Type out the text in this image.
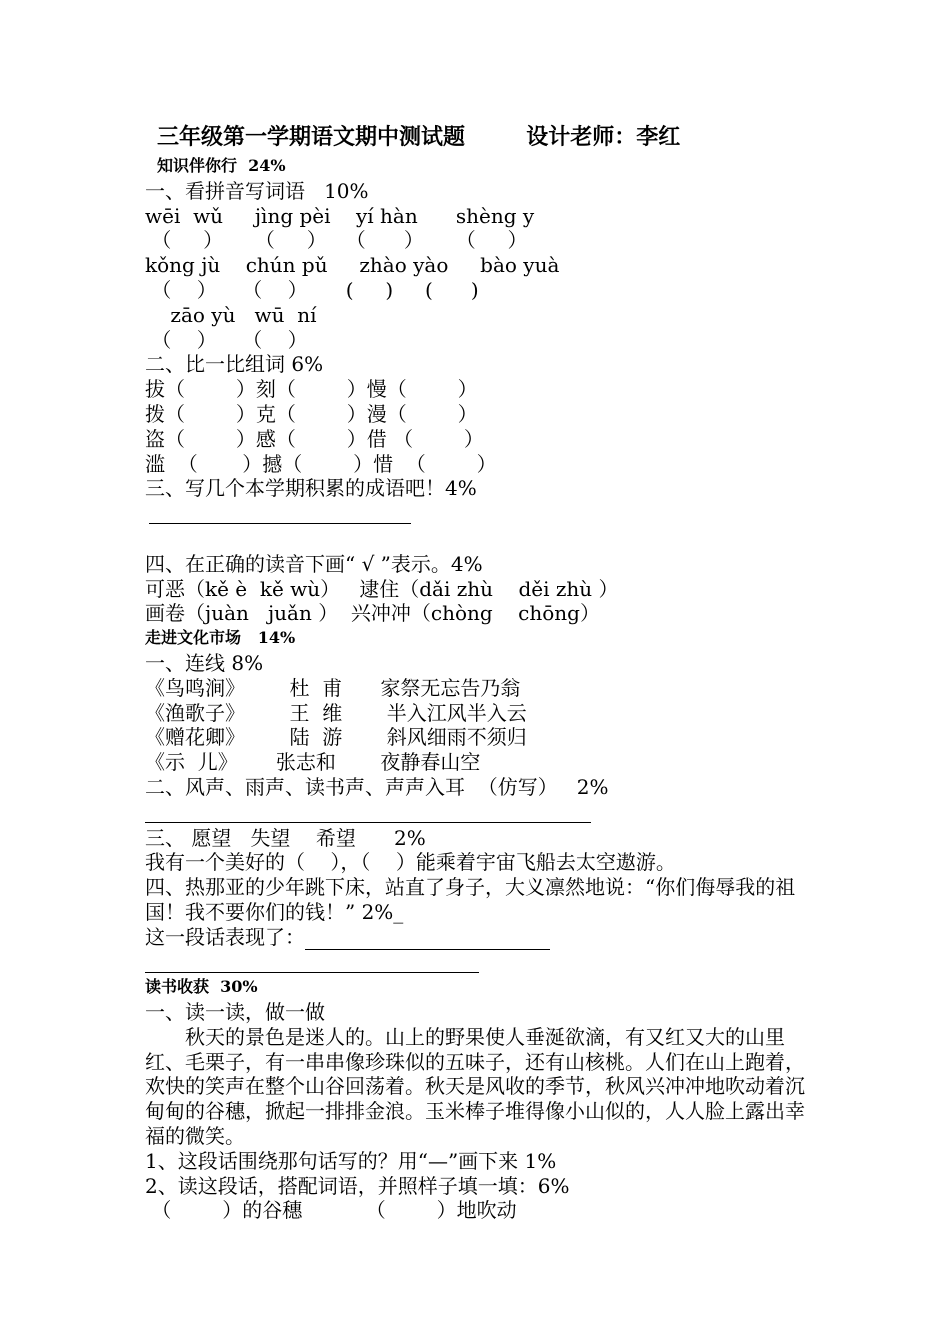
三年级第一学期语文期中测试题        设计老师：李红
知识伴你行  24%
一、看拼音写词语   10%
wēi  wǔ     jìng pèi    yí hàn      shèng y
（     ）     （     ）   （      ）     （     ）
kǒng jù    chún pǔ     zhào yào     bào yuà
（    ）    （    ）      (     )     (      )
zāo yù   wū  ní
（    ）    （    ）
二、比一比组词 6%
拔（        ）刻（        ）慢（        ）
拨（        ）克（        ）漫（        ）
盗（        ）感（        ）借 （        ）
滥  （       ）撼（        ）惜  （        ）
三、写几个本学期积累的成语吧！4%
四、在正确的读音下画“ √ ”表示。4%
可恶（kě è  kě wù）   逮住（dǎi zhù    děi zhù ）
画卷（juàn   juǎn ）  兴冲冲（chòng    chōng）
走进文化市场   14%
一、连线 8%
《鸟鸣涧》       杜  甫      家祭无忘告乃翁
《渔歌子》       王  维       半入江风半入云
《赠花卿》       陆  游       斜风细雨不须归
《示  儿》      张志和       夜静春山空
二、风声、雨声、读书声、声声入耳  （仿写）   2%
三、 愿望   失望    希望      2%
我有一个美好的（    ），（    ）能乘着宇宙飞船去太空遨游。
四、热那亚的少年跳下床，站直了身子，大义凛然地说：“你们侮辱我的祖国！我不要你们的钱！” 2%_
这一段话表现了：
读书收获  30%
一、读一读，做一做
秋天的景色是迷人的。山上的野果使人垂涎欲滴，有又红又大的山里红、毛栗子，有一串串像珍珠似的五味子，还有山核桃。人们在山上跑着，欢快的笑声在整个山谷回荡着。秋天是风收的季节，秋风兴冲冲地吹动着沉甸甸的谷穗，掀起一排排金浪。玉米棒子堆得像小山似的，人人脸上露出幸福的微笑。
1、这段话围绕那句话写的？用“—”画下来 1%
2、读这段话，搭配词语，并照样子填一填：6%
（        ）的谷穗          （        ）地吹动
